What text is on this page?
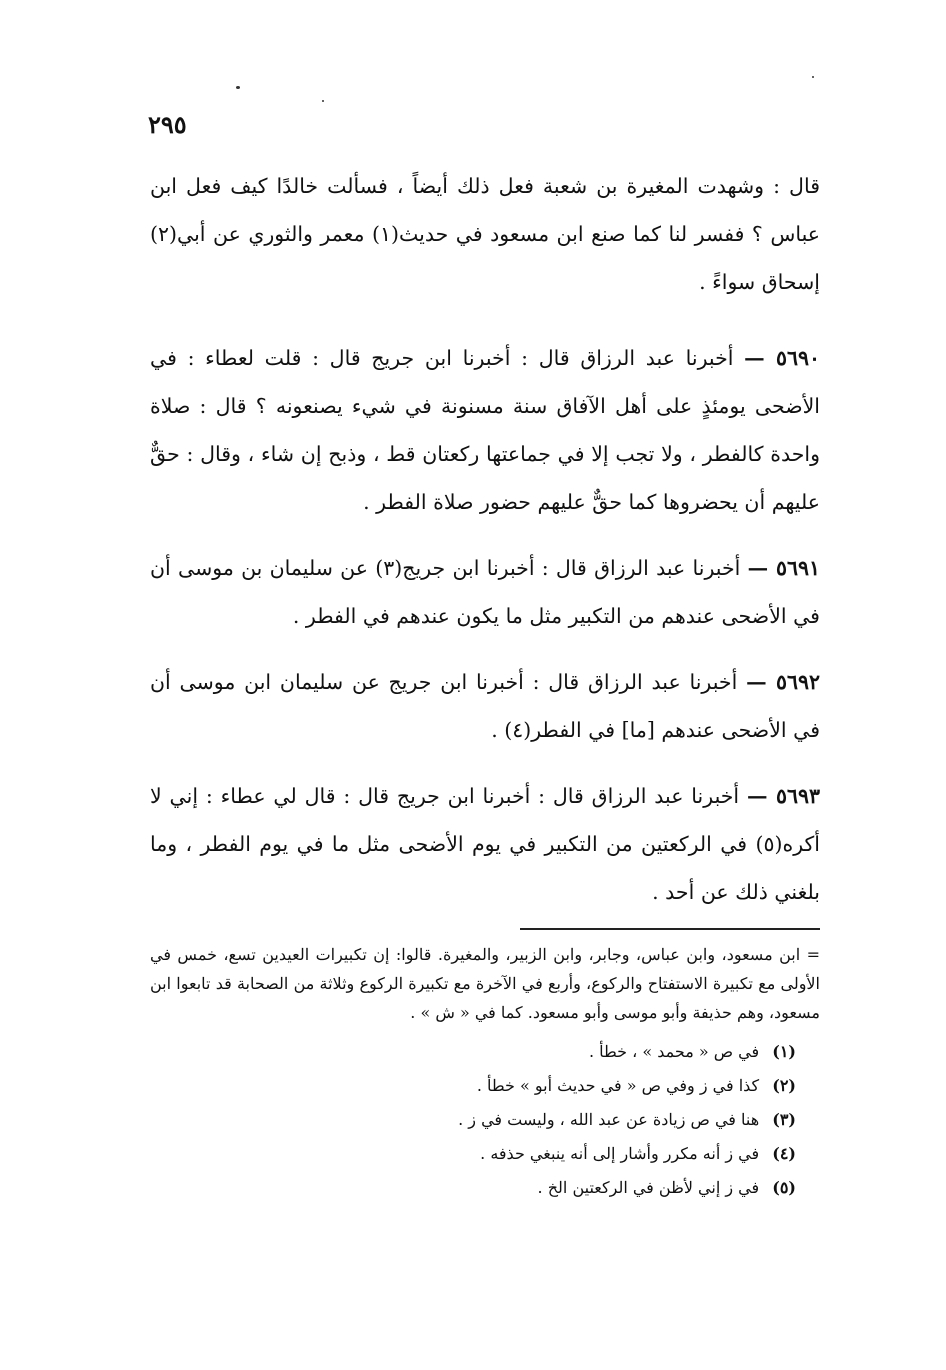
٢٩٥

قال : وشهدت المغيرة بن شعبة فعل ذلك أيضاً ، فسألت خالدًا كيف فعل ابن عباس ؟ ففسر لنا كما صنع ابن مسعود في حديث(١) معمر والثوري عن أبي(٢) إسحاق سواءً .

٥٦٩٠ — أخبرنا عبد الرزاق قال : أخبرنا ابن جريج قال : قلت لعطاء : في الأضحى يومئذٍ على أهل الآفاق سنة مسنونة في شيء يصنعونه ؟ قال : صلاة واحدة كالفطر ، ولا تجب إلا في جماعتها ركعتان قط ، وذبح إن شاء ، وقال : حقٌّ عليهم أن يحضروها كما حقٌّ عليهم حضور صلاة الفطر .

٥٦٩١ — أخبرنا عبد الرزاق قال : أخبرنا ابن جريج(٣) عن سليمان بن موسى أن في الأضحى عندهم من التكبير مثل ما يكون عندهم في الفطر .

٥٦٩٢ — أخبرنا عبد الرزاق قال : أخبرنا ابن جريج عن سليمان ابن موسى أن في الأضحى عندهم [ما] في الفطر(٤) .

٥٦٩٣ — أخبرنا عبد الرزاق قال : أخبرنا ابن جريج قال : قال لي عطاء : إني لا أكره(٥) في الركعتين من التكبير في يوم الأضحى مثل ما في يوم الفطر ، وما بلغني ذلك عن أحد .

= ابن مسعود، وابن عباس، وجابر، وابن الزبير، والمغيرة. قالوا: إن تكبيرات العيدين تسع، خمس في الأولى مع تكبيرة الاستفتاح والركوع، وأربع في الآخرة مع تكبيرة الركوع وثلاثة من الصحابة قد تابعوا ابن مسعود، وهم حذيفة وأبو موسى وأبو مسعود. كما في « ش » .

(١) في ص « محمد » ، خطأ .
(٢) كذا في ز وفي ص « في حديث أبو » خطأ .
(٣) هنا في ص زيادة عن عبد الله ، وليست في ز .
(٤) في ز أنه مكرر وأشار إلى أنه ينبغي حذفه .
(٥) في ز إني لأظن في الركعتين الخ .
